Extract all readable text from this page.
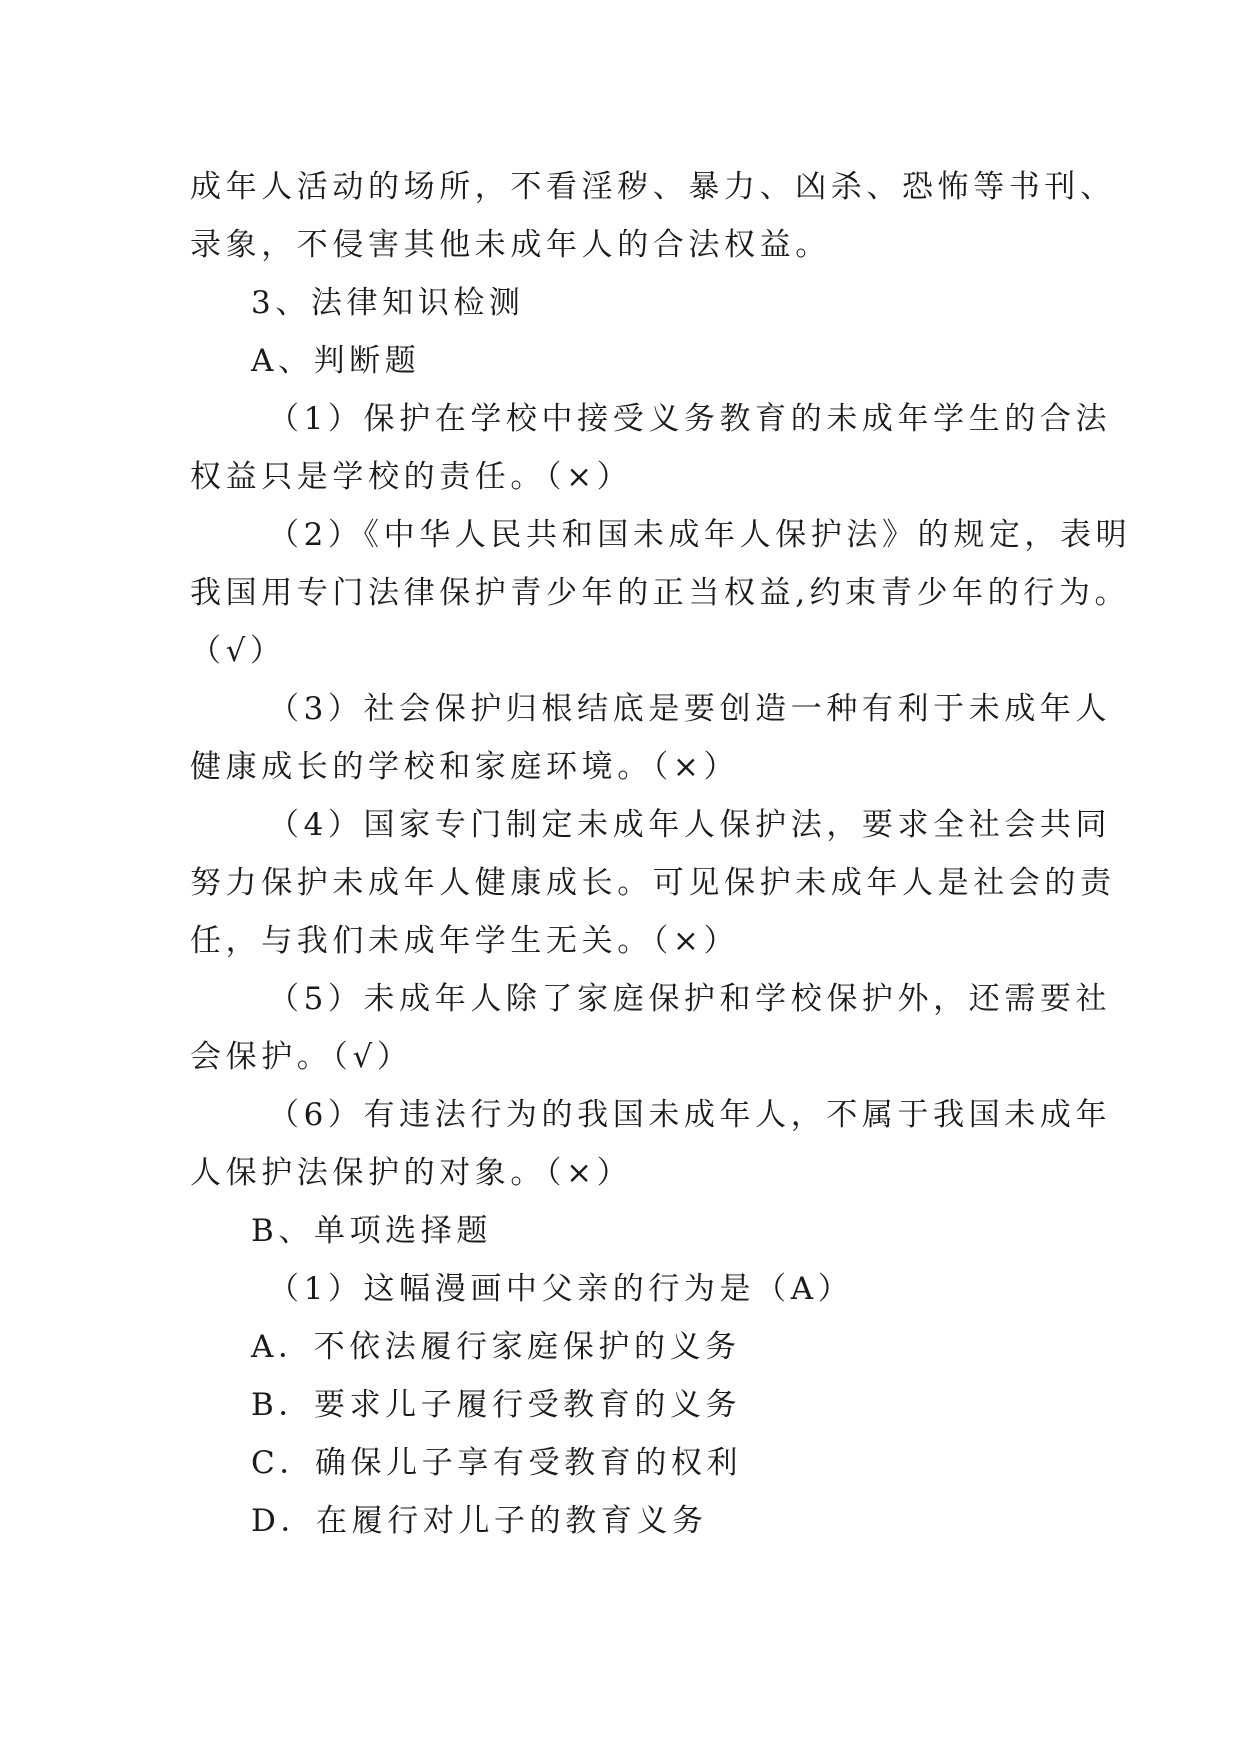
成年人活动的场所，不看淫秽、暴力、凶杀、恐怖等书刊、
录象，不侵害其他未成年人的合法权益。
3、法律知识检测
A、判断题
（1）保护在学校中接受义务教育的未成年学生的合法
权益只是学校的责任。（×）
（2）《中华人民共和国未成年人保护法》的规定，表明
我国用专门法律保护青少年的正当权益,约束青少年的行为。
（√）
（3）社会保护归根结底是要创造一种有利于未成年人
健康成长的学校和家庭环境。（×）
（4）国家专门制定未成年人保护法，要求全社会共同
努力保护未成年人健康成长。可见保护未成年人是社会的责
任，与我们未成年学生无关。（×）
（5）未成年人除了家庭保护和学校保护外，还需要社
会保护。（√）
（6）有违法行为的我国未成年人，不属于我国未成年
人保护法保护的对象。（×）
B、单项选择题
（1）这幅漫画中父亲的行为是（A）
A．不依法履行家庭保护的义务
B．要求儿子履行受教育的义务
C．确保儿子享有受教育的权利
D．在履行对儿子的教育义务
